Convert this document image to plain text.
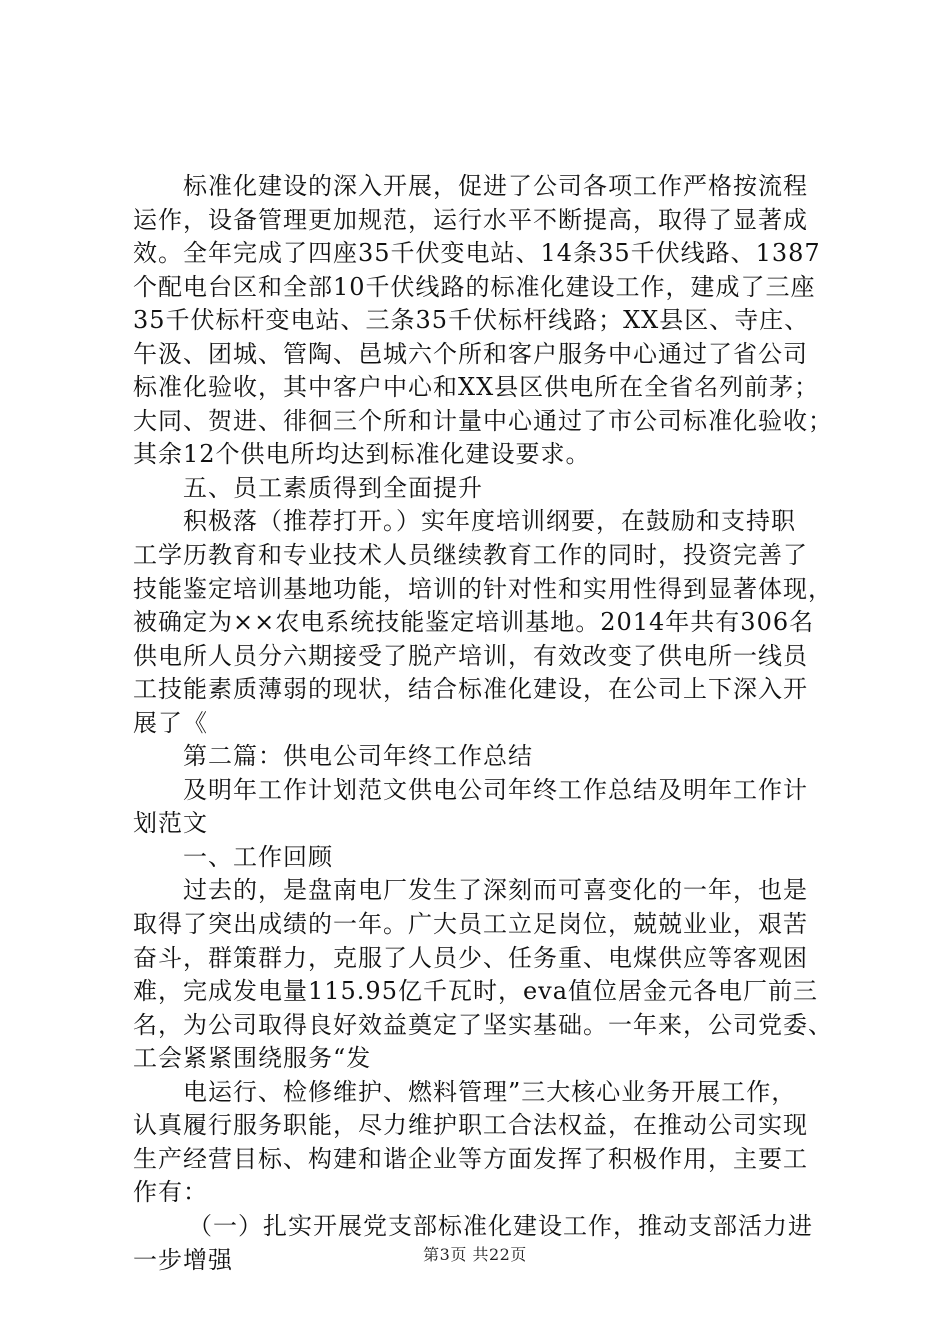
标准化建设的深入开展，促进了公司各项工作严格按流程
运作，设备管理更加规范，运行水平不断提高，取得了显著成
效。全年完成了四座35千伏变电站、14条35千伏线路、1387
个配电台区和全部10千伏线路的标准化建设工作，建成了三座
35千伏标杆变电站、三条35千伏标杆线路；XX县区、寺庄、
午汲、团城、管陶、邑城六个所和客户服务中心通过了省公司
标准化验收，其中客户中心和XX县区供电所在全省名列前茅；
大同、贺进、徘徊三个所和计量中心通过了市公司标准化验收；
其余12个供电所均达到标准化建设要求。
五、员工素质得到全面提升
积极落（推荐打开。）实年度培训纲要，在鼓励和支持职
工学历教育和专业技术人员继续教育工作的同时，投资完善了
技能鉴定培训基地功能，培训的针对性和实用性得到显著体现，
被确定为××农电系统技能鉴定培训基地。2014年共有306名
供电所人员分六期接受了脱产培训，有效改变了供电所一线员
工技能素质薄弱的现状，结合标准化建设，在公司上下深入开
展了《
第二篇：供电公司年终工作总结
及明年工作计划范文供电公司年终工作总结及明年工作计
划范文
一、工作回顾
过去的，是盘南电厂发生了深刻而可喜变化的一年，也是
取得了突出成绩的一年。广大员工立足岗位，兢兢业业，艰苦
奋斗，群策群力，克服了人员少、任务重、电煤供应等客观困
难，完成发电量115.95亿千瓦时，eva值位居金元各电厂前三
名，为公司取得良好效益奠定了坚实基础。一年来，公司党委、
工会紧紧围绕服务“发
电运行、检修维护、燃料管理”三大核心业务开展工作，
认真履行服务职能，尽力维护职工合法权益，在推动公司实现
生产经营目标、构建和谐企业等方面发挥了积极作用，主要工
作有：
（一）扎实开展党支部标准化建设工作，推动支部活力进
一步增强	第3页 共22页
